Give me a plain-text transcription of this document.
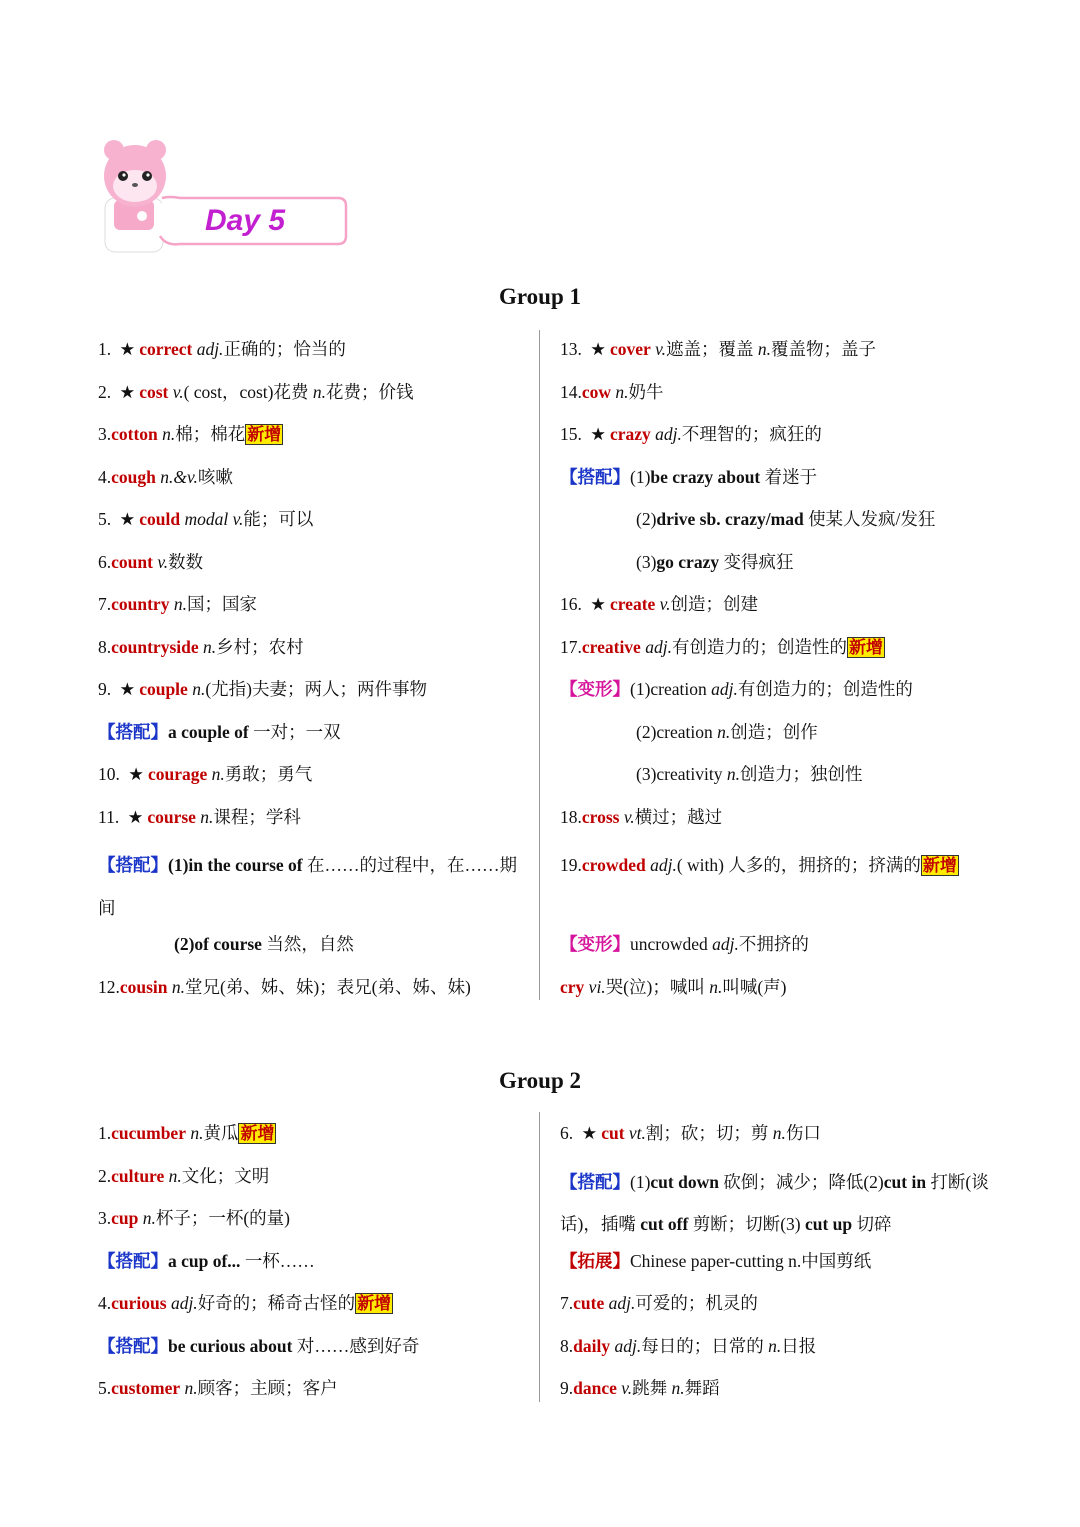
Day 5
Group 1
1. ★ correct adj.正确的；恰当的
2. ★ cost v.( cost，cost)花费 n.花费；价钱
3.cotton n.棉；棉花 新增
4.cough n.&v.咳嗽
5. ★ could modal v.能；可以
6.count v.数数
7.country n.国；国家
8.countryside n.乡村；农村
9. ★ couple n.(尤指)夫妻；两人；两件事物
【搭配】a couple of 一对；一双
10. ★ courage n.勇敢；勇气
11. ★ course n.课程；学科
【搭配】(1)in the course of 在……的过程中，在……期间
(2)of course 当然，自然
12.cousin n.堂兄(弟、姊、妹)；表兄(弟、姊、妹)
13. ★ cover v.遮盖；覆盖 n.覆盖物；盖子
14.cow n.奶牛
15. ★ crazy adj.不理智的；疯狂的
【搭配】(1)be crazy about 着迷于
(2)drive sb. crazy/mad 使某人发疯/发狂
(3)go crazy 变得疯狂
16. ★ create v.创造；创建
17.creative adj.有创造力的；创造性的 新增
【变形】(1)creation adj.有创造力的；创造性的
(2)creation n.创造；创作
(3)creativity n.创造力；独创性
18.cross v.横过；越过
19.crowded adj.( with) 人多的，拥挤的；挤满的 新增
【变形】uncrowded adj.不拥挤的
cry vi.哭(泣)；喊叫 n.叫喊(声)
Group 2
1.cucumber n.黄瓜 新增
2.culture n.文化；文明
3.cup n.杯子；一杯(的量)
【搭配】a cup of... 一杯……
4.curious adj.好奇的；稀奇古怪的 新增
【搭配】be curious about 对……感到好奇
5.customer n.顾客；主顾；客户
6. ★ cut vt.割；砍；切；剪 n.伤口
【搭配】(1)cut down 砍倒；减少；降低(2)cut in 打断(谈话)，插嘴 cut off 剪断；切断(3) cut up 切碎
【拓展】Chinese paper-cutting n.中国剪纸
7.cute adj.可爱的；机灵的
8.daily adj.每日的；日常的 n.日报
9.dance v.跳舞 n.舞蹈
